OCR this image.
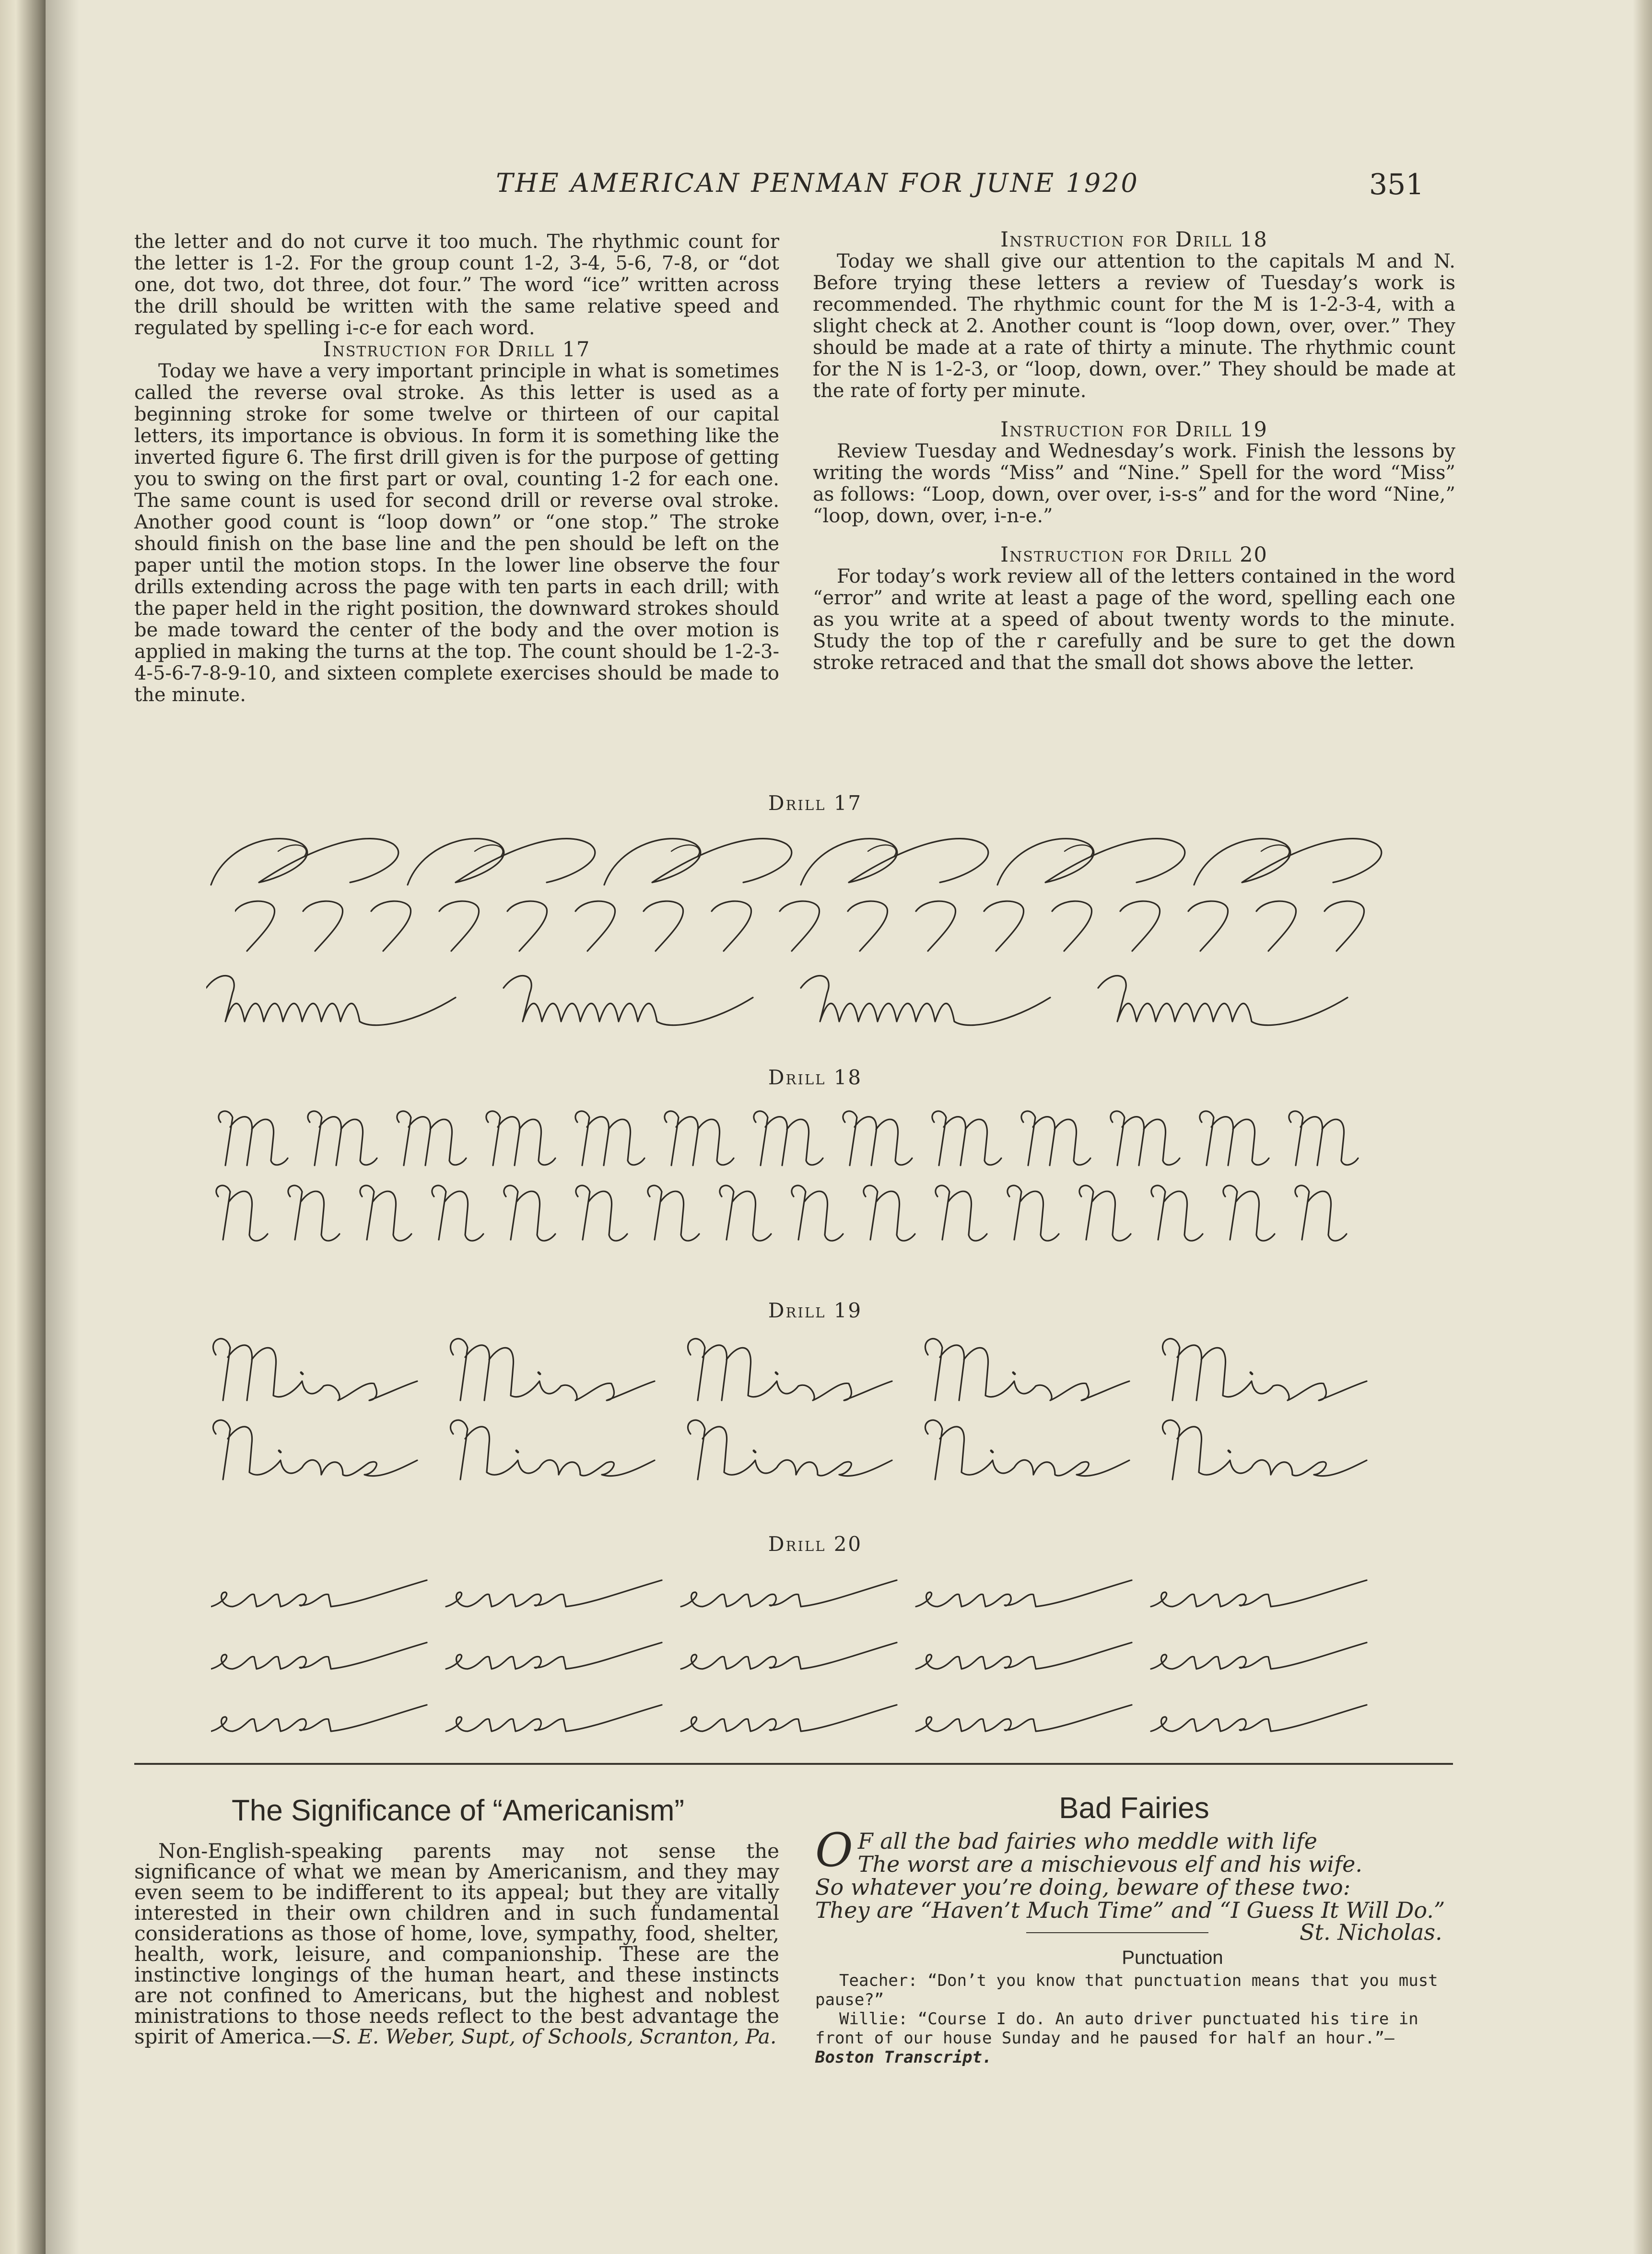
THE AMERICAN PENMAN FOR JUNE 1920	351

the letter and do not curve it too much. The rhythmic count for the letter is 1-2. For the group count 1-2, 3-4, 5-6, 7-8, or “dot one, dot two, dot three, dot four.” The word “ice” written across the drill should be written with the same relative speed and regulated by spelling i-c-e for each word.

Instruction for Drill 17

Today we have a very important principle in what is sometimes called the reverse oval stroke. As this letter is used as a beginning stroke for some twelve or thirteen of our capital letters, its importance is obvious. In form it is something like the inverted figure 6. The first drill given is for the purpose of getting you to swing on the first part or oval, counting 1-2 for each one. The same count is used for second drill or reverse oval stroke. Another good count is “loop down” or “one stop.” The stroke should finish on the base line and the pen should be left on the paper until the motion stops. In the lower line observe the four drills extending across the page with ten parts in each drill; with the paper held in the right position, the downward strokes should be made toward the center of the body and the over motion is applied in making the turns at the top. The count should be 1-2-3-4-5-6-7-8-9-10, and sixteen complete exercises should be made to the minute.

Instruction for Drill 18

Today we shall give our attention to the capitals M and N. Before trying these letters a review of Tuesday’s work is recommended. The rhythmic count for the M is 1-2-3-4, with a slight check at 2. Another count is “loop down, over, over.” They should be made at a rate of thirty a minute. The rhythmic count for the N is 1-2-3, or “loop, down, over.” They should be made at the rate of forty per minute.

Instruction for Drill 19

Review Tuesday and Wednesday’s work. Finish the lessons by writing the words “Miss” and “Nine.” Spell for the word “Miss” as follows: “Loop, down, over over, i-s-s” and for the word “Nine,” “loop, down, over, i-n-e.”

Instruction for Drill 20

For today’s work review all of the letters contained in the word “error” and write at least a page of the word, spelling each one as you write at a speed of about twenty words to the minute. Study the top of the r carefully and be sure to get the down stroke retraced and that the small dot shows above the letter.

Drill 17
Drill 18
Drill 19
Drill 20
The Significance of “Americanism”

Non-English-speaking parents may not sense the significance of what we mean by Americanism, and they may even seem to be indifferent to its appeal; but they are vitally interested in their own children and in such fundamental considerations as those of home, love, sympathy, food, shelter, health, work, leisure, and companionship. These are the instinctive longings of the human heart, and these instincts are not confined to Americans, but the highest and noblest ministrations to those needs reflect to the best advantage the spirit of America.—S. E. Weber, Supt, of Schools, Scranton, Pa.

Bad Fairies
O F all the bad fairies who meddle with life
The worst are a mischievous elf and his wife.
So whatever you’re doing, beware of these two:
They are “Haven’t Much Time” and “I Guess It Will Do.”
St. Nicholas.
Punctuation
Teacher: “Don’t you know that punctuation means that you must pause?”
Willie: “Course I do. An auto driver punctuated his tire in front of our house Sunday and he paused for half an hour.”—Boston Transcript.
